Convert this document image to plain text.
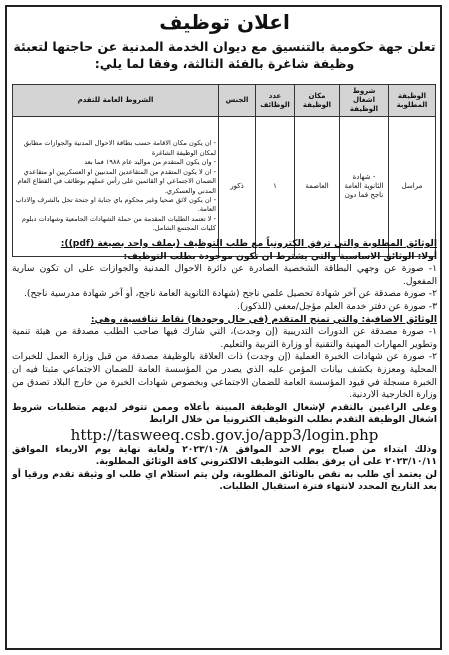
اعلان توظيف
تعلن جهة حكومية بالتنسيق مع ديوان الخدمة المدنية عن حاجتها لتعبئة وظيفة شاغرة بالفئة الثالثة، وفقا لما يلي:
الوظيفة المطلوبة	شروط اشغال الوظيفة	مكان الوظيفة	عدد الوظائف	الجنس	الشروط العامة للتقدم
مراسل	- شهادة الثانوية العامة ناجح فما دون	العاصمة	١	ذكور	- ان يكون مكان الاقامة حسب بطاقة الاحوال المدنية والجوازات مطابق لمكان الوظيفة الشاغرة
- وان يكون المتقدم من مواليد عام ١٩٨٨ فما بعد
- ان لا يكون المتقدم من المتقاعدين المدنيين او العسكريين او متقاعدي الضمان الاجتماعي او القائمين على رأس عملهم بوظائف في القطاع العام المدني والعسكري.
- ان يكون لائق صحيا وغير محكوم باي جناية او جنحة تخل بالشرف والاداب العامة.
- لا تعتمد الطلبات المقدمة من حملة الشهادات الجامعية وشهادات دبلوم كليات المجتمع الشامل.

الوثائق المطلوبة والتي ترفق الكترونياً مع طلب التوظيف (بملف واحد بصيغة (pdf)):

أولا: الوثائق الاساسية والتي يشترط ان تكون موجودة بطلب التوظيف:

١- صورة عن وجهي البطاقة الشخصية الصادرة عن دائرة الاحوال المدنية والجوازات على ان تكون سارية المفعول.

٢- صورة مصدقة عن آخر شهادة تحصيل علمي ناجح (شهادة الثانوية العامة ناجح، أو آخر شهادة مدرسية ناجح).

٣- صورة عن دفتر خدمة العلم مؤجل/معفي (للذكور).

الوثائق الاضافية: والتي تمنح المتقدم (في حال وجودها) نقاط تنافسية، وهي:

١- صورة مصدقة عن الدورات التدريبية (إن وجدت)، التي شارك فيها صاحب الطلب مصدقة من هيئة تنمية وتطوير المهارات المهنية والتقنية أو وزارة التربية والتعليم.

٢- صورة عن شهادات الخبرة العملية (إن وجدت) ذات العلاقة بالوظيفة مصدقة من قبل وزارة العمل للخبرات المحلية ومعززة بكشف بيانات المؤمن عليه الذي يصدر من المؤسسة العامة للضمان الاجتماعي مثبتا فيه ان الخبرة مسجلة في قيود المؤسسة العامة للضمان الاجتماعي وبخصوص شهادات الخبرة من خارج البلاد تصدق من وزارة الخارجية الاردنية.

وعلى الراغبين بالتقدم لإشغال الوظيفة المبينة بأعلاه وممن تتوفر لديهم متطلبات شروط اشغال الوظيفة التقدم بطلب التوظيف الكترونيا من خلال الرابط

http://tasweeq.csb.gov.jo/app3/login.php

وذلك ابتداء من صباح يوم الاحد الموافق ٢٠٢٣/١٠/٨ ولغاية نهاية يوم الاربعاء الموافق ٢٠٢٣/١٠/١١ على أن يرفق بطلب التوظيف الالكتروني كافة الوثائق المطلوبة.

لن يعتمد أي طلب به نقص بالوثائق المطلوبة، ولن يتم استلام اي طلب او وثيقة تقدم ورقيا أو بعد التاريخ المحدد لانتهاء فترة استقبال الطلبات.
